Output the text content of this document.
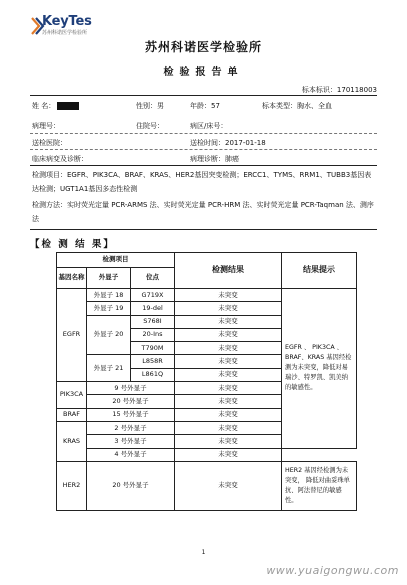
KeyTes
苏州科诺医学检验所
苏州科诺医学检验所
检验报告单
标本标识：170118003
姓 名：	性别：男	年龄：57	标本类型：胸水、全血
病理号：	住院号：	病区/床号：
送检医院：	送检时间：2017-01-18
临床病变及诊断：	病理诊断：肺癌
检测项目：EGFR、PIK3CA、BRAF、KRAS、HER2基因突变检测；ERCC1、TYMS、RRM1、TUBB3基因表达检测；UGT1A1基因多态性检测
检测方法：实时荧光定量 PCR-ARMS 法、实时荧光定量 PCR-HRM 法、实时荧光定量 PCR-Taqman 法、测序法
【检 测 结 果】
检测项目			检测结果	结果提示
基因名称	外显子	位点		
EGFR	外显子 18	G719X	未突变	EGFR 、 PIK3CA 、BRAF、KRAS 基因经检测为未突变，降低对易瑞沙、特罗凯、凯美纳的敏感性。
	外显子 19	19-del	未突变	
	外显子 20	S768I	未突变	
		20-Ins	未突变	
		T790M	未突变	
	外显子 21	L858R	未突变	
		L861Q	未突变	
PIK3CA	9 号外显子		未突变	
	20 号外显子		未突变	
BRAF	15 号外显子		未突变	
KRAS	2 号外显子		未突变	
	3 号外显子		未突变	
	4 号外显子		未突变	
HER2	20 号外显子		未突变	HER2 基因经检测为未突变， 降低对曲妥珠单抗、阿法替尼的敏感性。
1
www.yuaigongwu.com
